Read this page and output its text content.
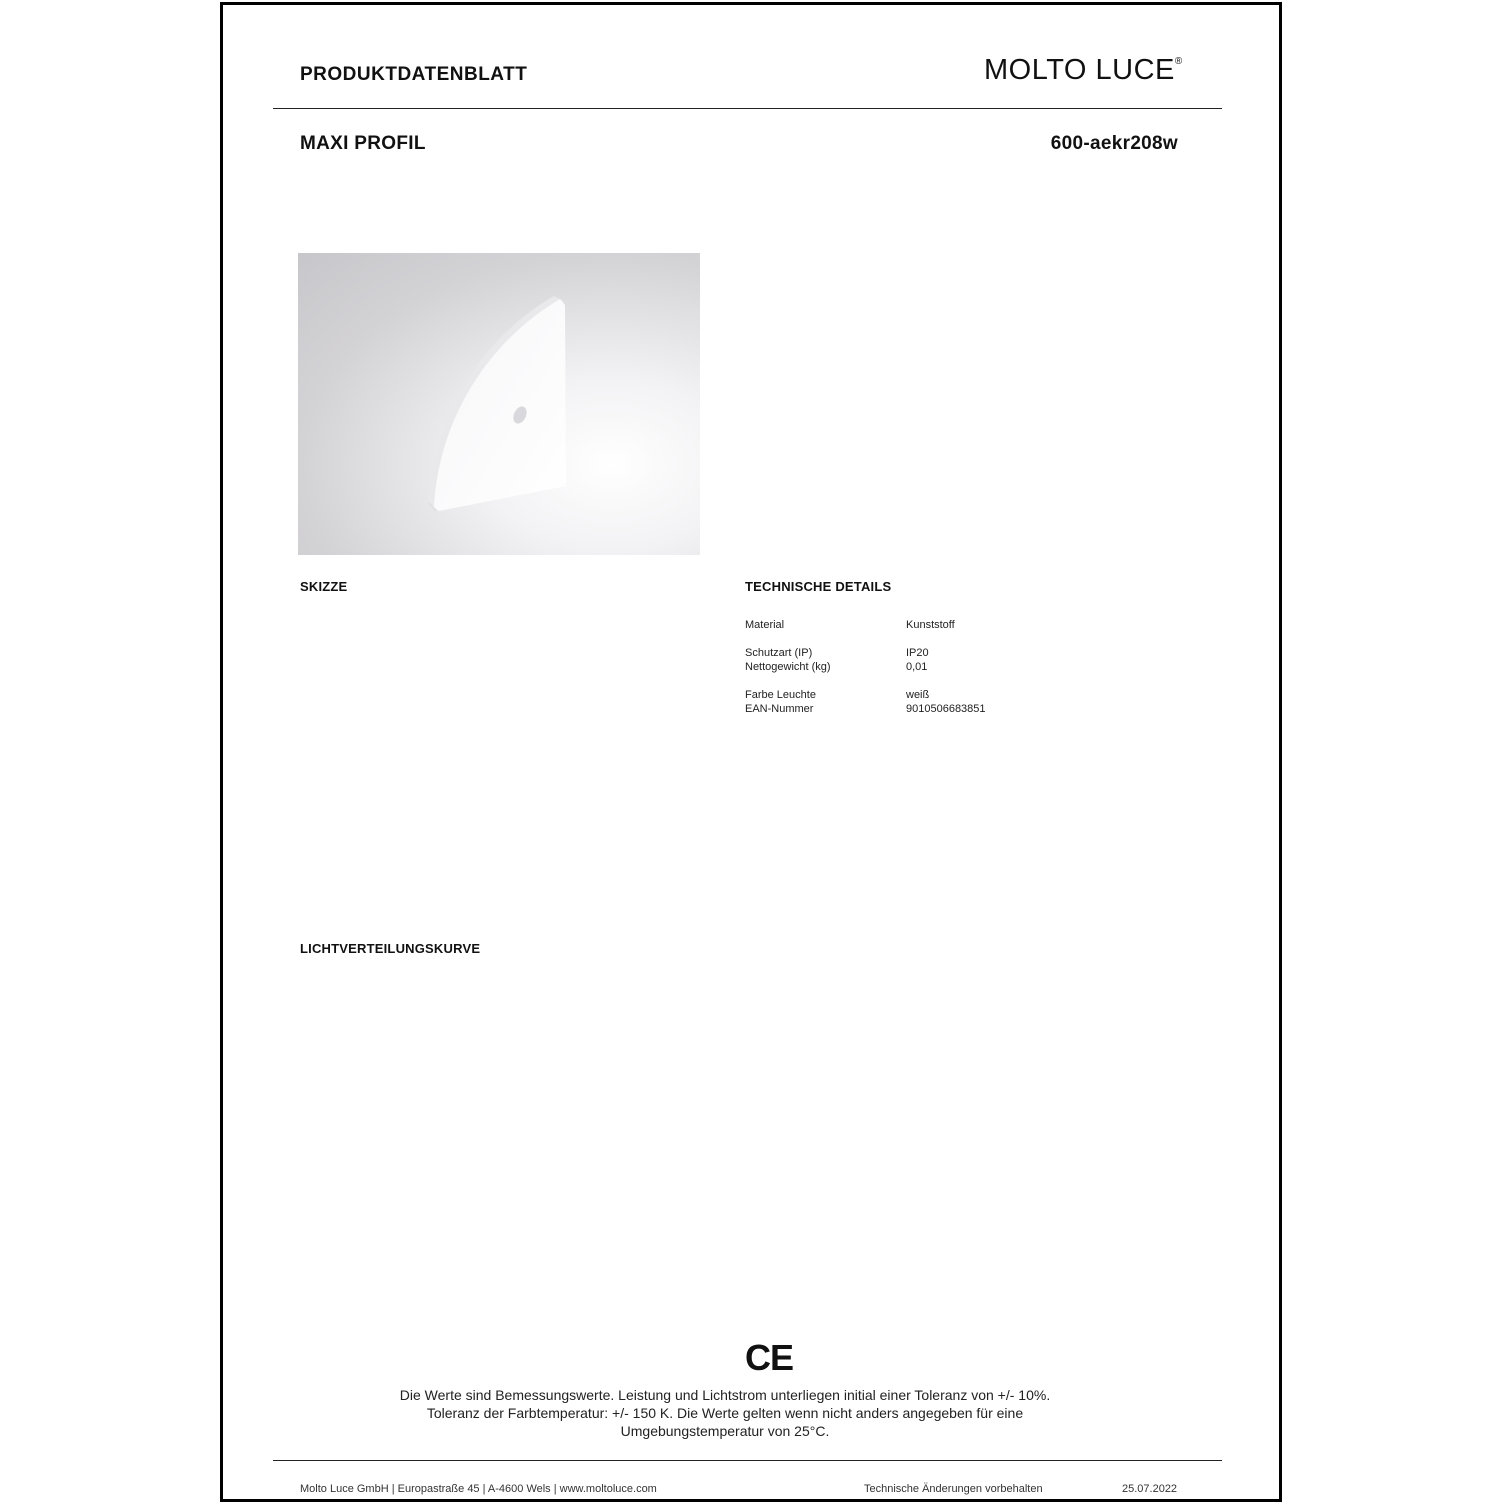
PRODUKTDATENBLATT	MOLTO LUCE®
MAXI PROFIL	600-aekr208w
SKIZZE	TECHNISCHE DETAILS
Material	Kunststoff
Schutzart (IP)	IP20
Nettogewicht (kg)	0,01
Farbe Leuchte	weiß
EAN-Nummer	9010506683851
LICHTVERTEILUNGSKURVE
CE
Die Werte sind Bemessungswerte. Leistung und Lichtstrom unterliegen initial einer Toleranz von +/- 10%.
Toleranz der Farbtemperatur: +/- 150 K. Die Werte gelten wenn nicht anders angegeben für eine
Umgebungstemperatur von 25°C.
Molto Luce GmbH | Europastraße 45 | A-4600 Wels | www.moltoluce.com	Technische Änderungen vorbehalten	25.07.2022
